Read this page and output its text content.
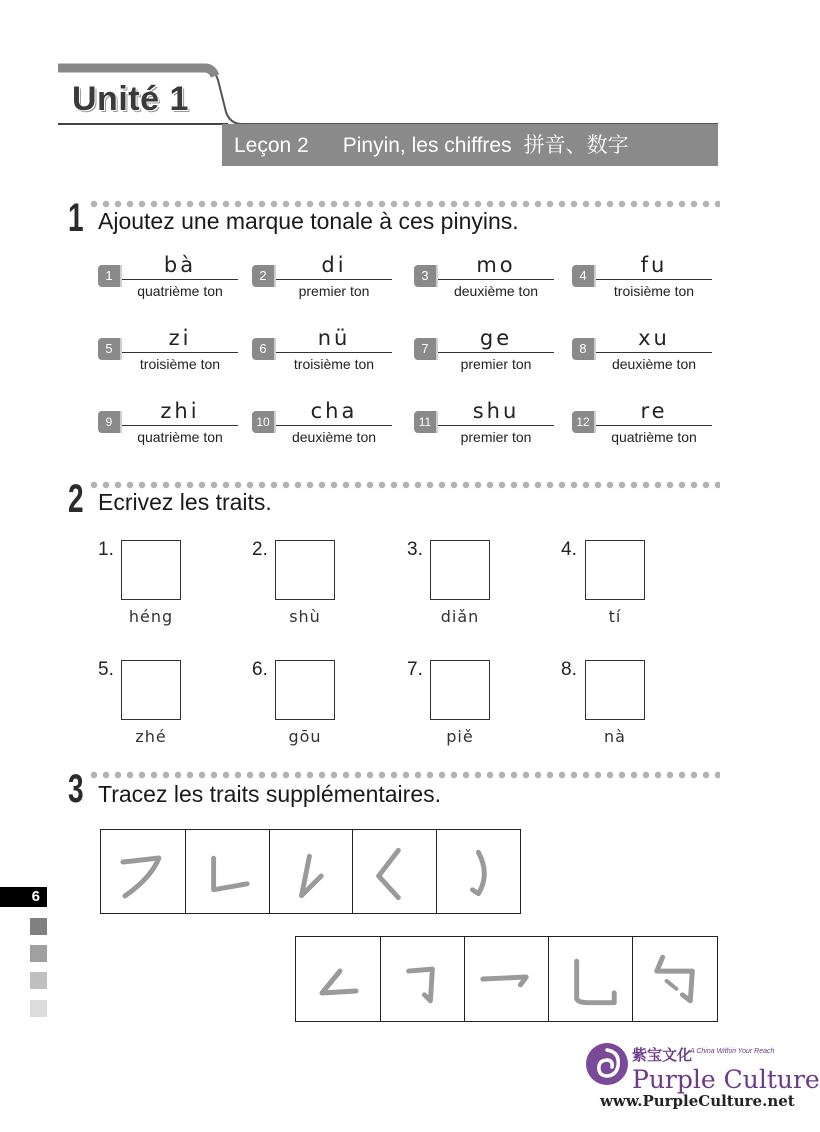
Unité 1
Leçon 2 Pinyin, les chiffres 拼音、数字
1 Ajoutez une marque tonale à ces pinyins.
1	bà
quatrième ton
2	di
premier ton
3	mo
deuxième ton
4	fu
troisième ton
5	zi
troisième ton
6	nü
troisième ton
7	ge
premier ton
8	xu
deuxième ton
9	zhi
quatrième ton
10	cha
deuxième ton
11	shu
premier ton
12	re
quatrième ton
2 Ecrivez les traits.
1.
héng
2.
shù
3.
diǎn
4.
tí
5.
zhé
6.
gōu
7.
piě
8.
nà
3 Tracez les traits supplémentaires.
6
紫宝文化
A China Within Your Reach
Purple Culture
www.PurpleCulture.net
